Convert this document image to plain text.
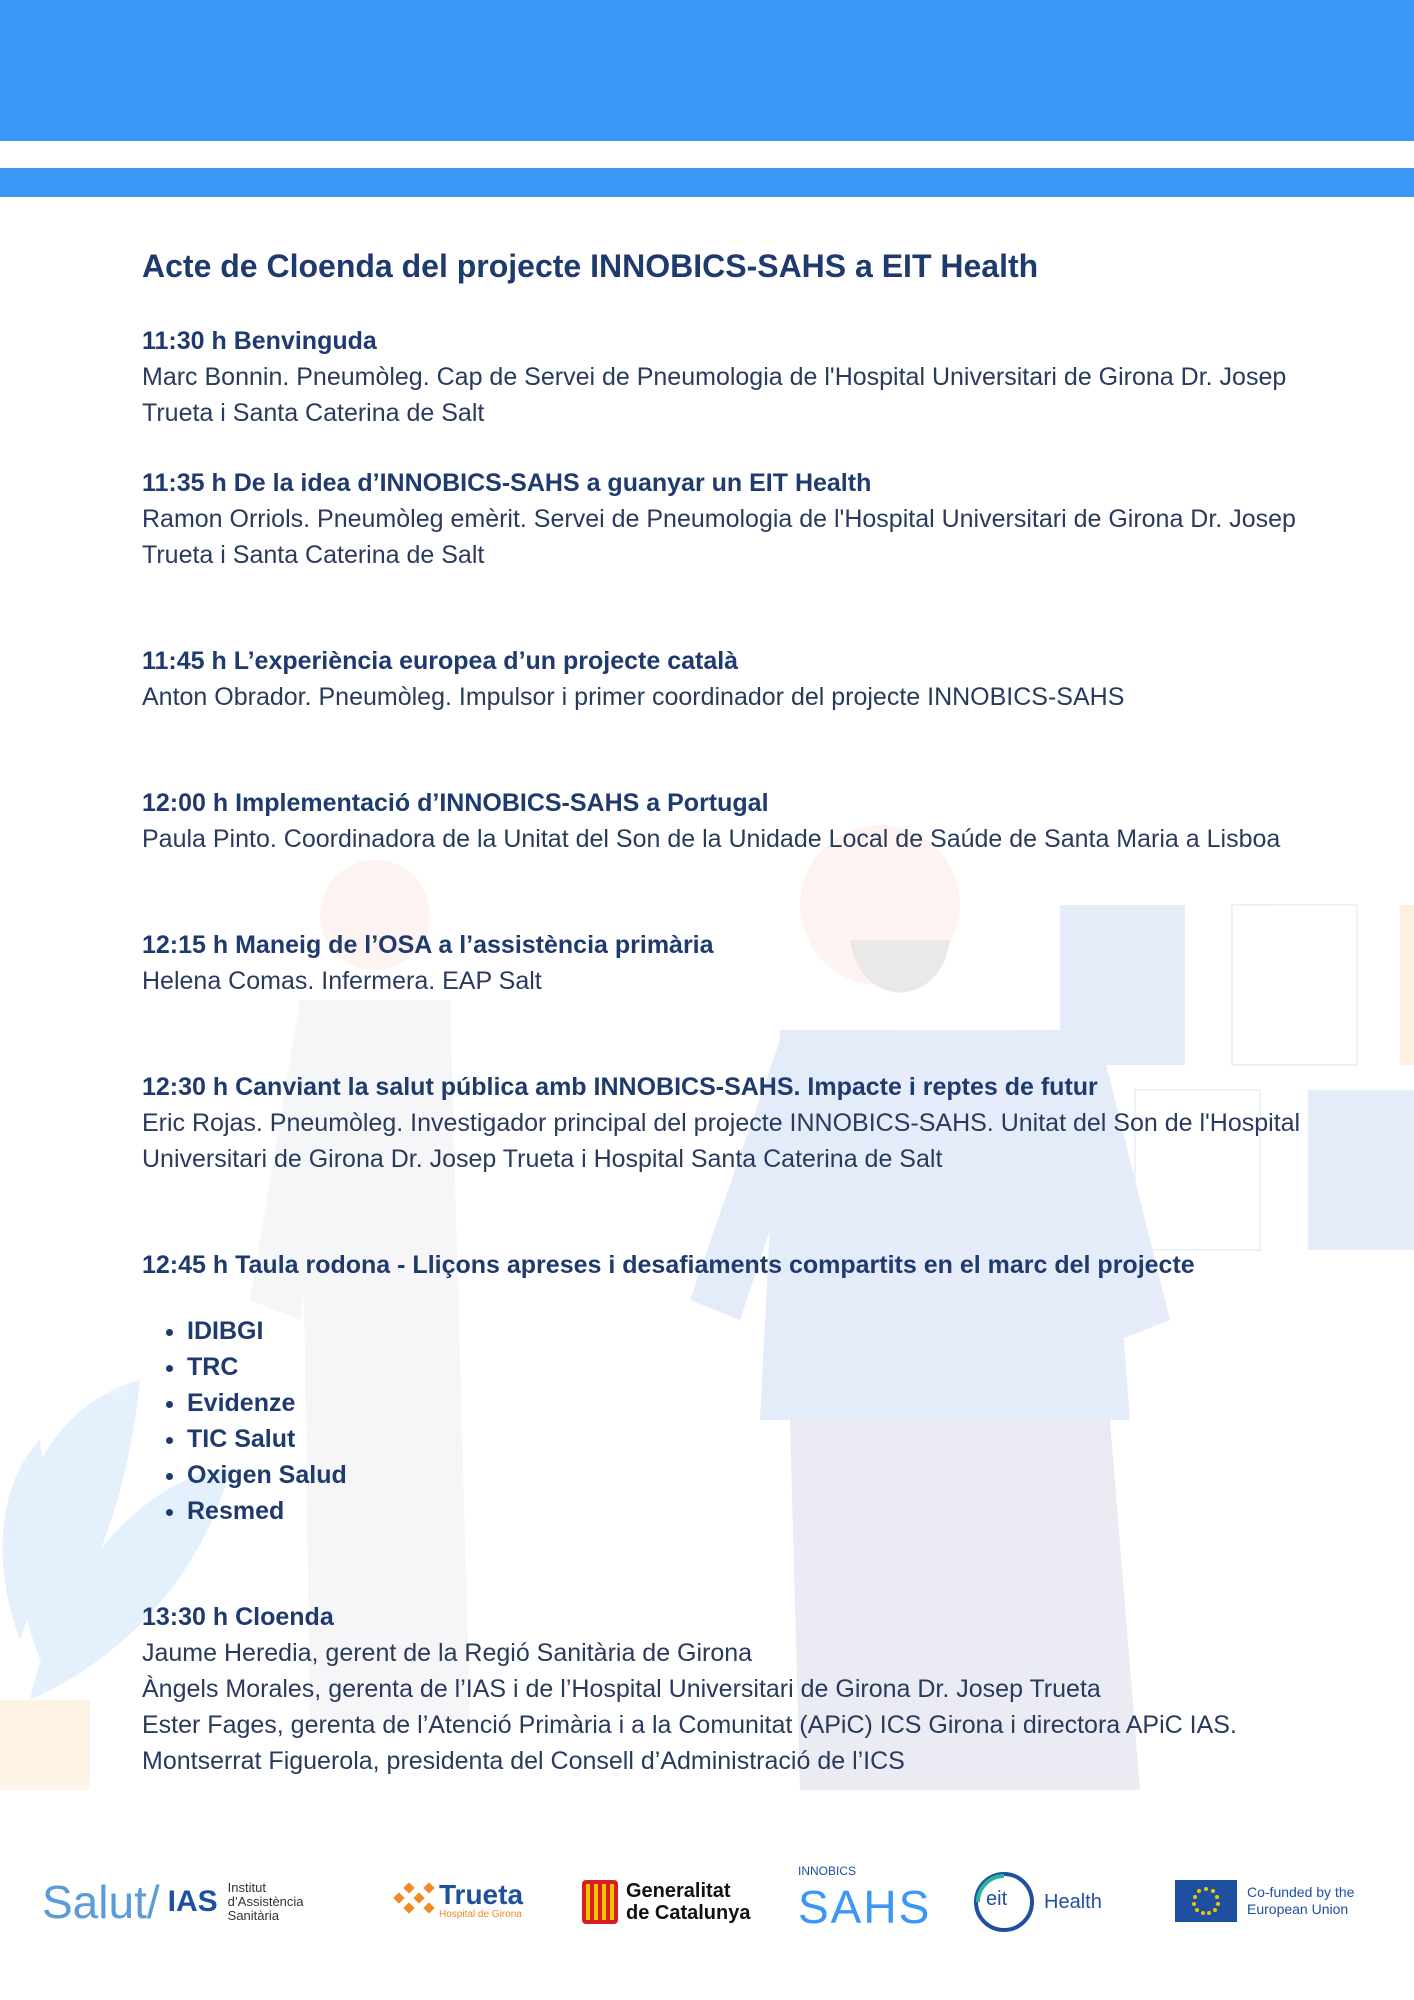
Acte de Cloenda del projecte INNOBICS-SAHS a EIT Health
11:30 h Benvinguda
Marc Bonnin. Pneumòleg. Cap de Servei de Pneumologia de l'Hospital Universitari de Girona Dr. Josep Trueta i Santa Caterina de Salt
11:35 h De la idea d’INNOBICS-SAHS a guanyar un EIT Health
Ramon Orriols. Pneumòleg emèrit. Servei de Pneumologia de l'Hospital Universitari de Girona Dr. Josep Trueta i Santa Caterina de Salt
11:45 h L’experiència europea d’un projecte català
Anton Obrador. Pneumòleg. Impulsor i primer coordinador del projecte INNOBICS-SAHS
12:00 h Implementació d’INNOBICS-SAHS a Portugal
Paula Pinto. Coordinadora de la Unitat del Son de la Unidade Local de Saúde de Santa Maria a Lisboa
12:15 h Maneig de l’OSA a l’assistència primària
Helena Comas. Infermera. EAP Salt
12:30 h Canviant la salut pública amb INNOBICS-SAHS. Impacte i reptes de futur
Eric Rojas. Pneumòleg. Investigador principal del projecte INNOBICS-SAHS. Unitat del Son de l'Hospital Universitari de Girona Dr. Josep Trueta i Hospital Santa Caterina de Salt
12:45 h Taula rodona - Lliçons apreses i desafiaments compartits en el marc del projecte
• IDIBGI
• TRC
• Evidenze
• TIC Salut
• Oxigen Salud
• Resmed
13:30 h Cloenda
Jaume Heredia, gerent de la Regió Sanitària de Girona
Àngels Morales, gerenta de l’IAS i de l’Hospital Universitari de Girona Dr. Josep Trueta
Ester Fages, gerenta de l’Atenció Primària i a la Comunitat (APiC) ICS Girona i directora APiC IAS.
Montserrat Figuerola, presidenta del Consell d’Administració de l’ICS
Salut/ IAS Institut
d’Assistència
Sanitària
Trueta
Hospital de Girona
Generalitat
de Catalunya
INNOBICS
SAHS	eit Health	Co-funded by the
European Union
